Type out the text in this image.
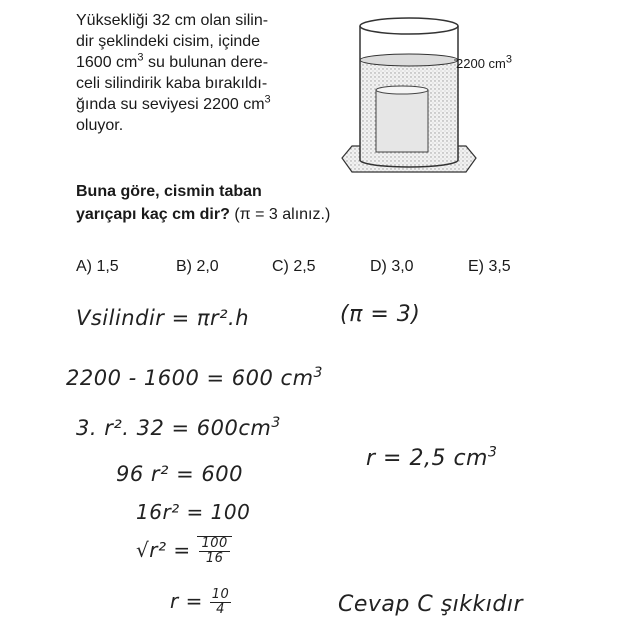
Yüksekliği 32 cm olan silin-
dir şeklindeki cisim, içinde
1600 $cm^3$ su bulunan dere-
celi silindirik kaba bırakıldı-
ğında su seviyesi 2200 $cm^3$
oluyor.
2200 $cm^3$
Buna göre, cismin taban
yarıçapı kaç cm dir? (π = 3 alınız.)
A) 1,5	B) 2,0	C) 2,5	D) 3,0	E) 3,5
Vsilindir = πr².h	(π = 3)
2200 - 1600 = 600 $cm^3$
3. r². $32 = 600cm^3$
96 r² = 600
r = 2,5 $cm^3$
16r² = 100
$√r^2 = \frac{100}{16}$
$r = \frac{10}{4}$	Cevap C şıkkıdır
